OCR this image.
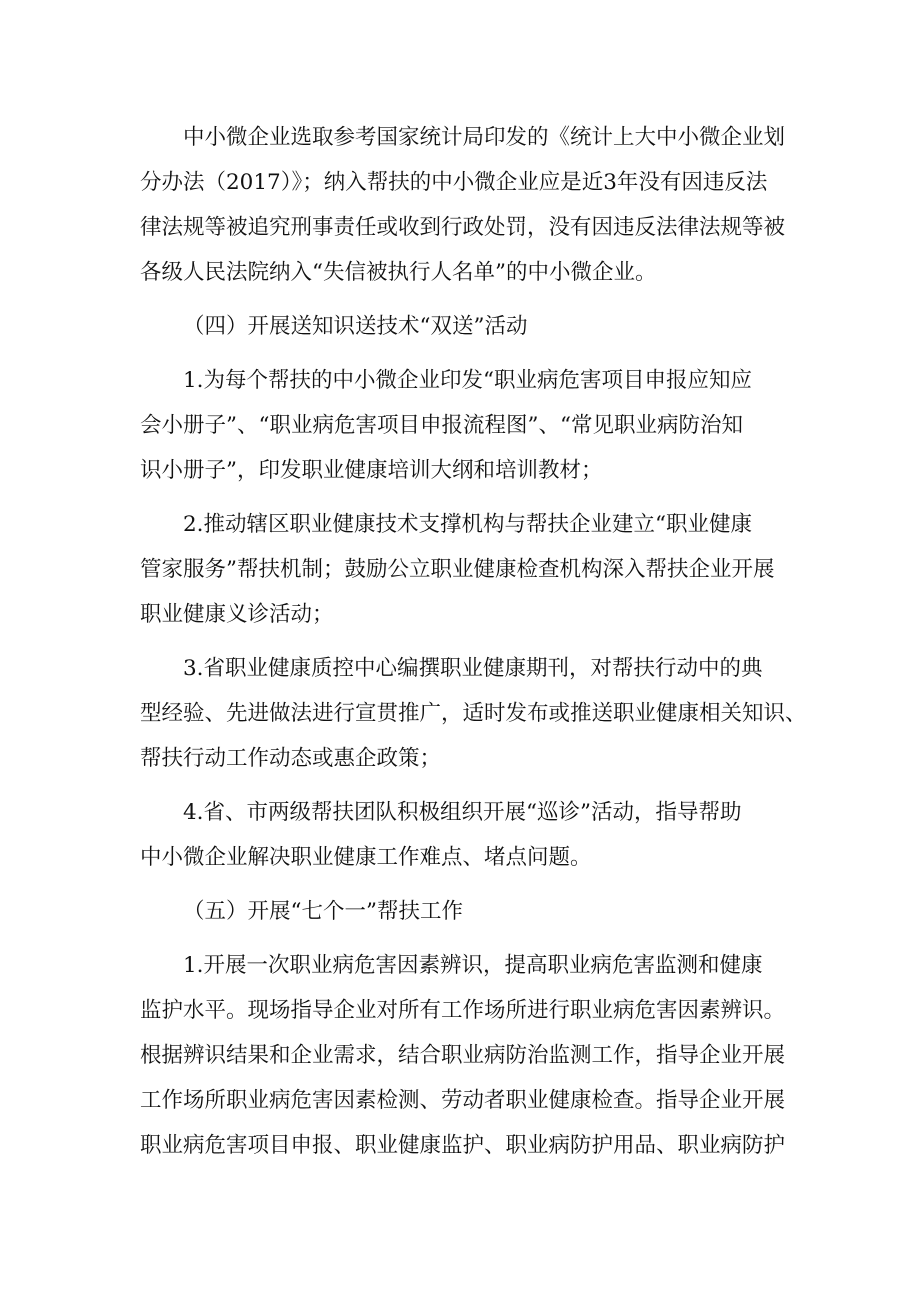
中小微企业选取参考国家统计局印发的《统计上大中小微企业划
分办法（2017）》；纳入帮扶的中小微企业应是近3年没有因违反法
律法规等被追究刑事责任或收到行政处罚，没有因违反法律法规等被
各级人民法院纳入“失信被执行人名单”的中小微企业。
（四）开展送知识送技术“双送”活动
1.为每个帮扶的中小微企业印发“职业病危害项目申报应知应
会小册子”、“职业病危害项目申报流程图”、“常见职业病防治知
识小册子”，印发职业健康培训大纲和培训教材；
2.推动辖区职业健康技术支撑机构与帮扶企业建立“职业健康
管家服务”帮扶机制；鼓励公立职业健康检查机构深入帮扶企业开展
职业健康义诊活动；
3.省职业健康质控中心编撰职业健康期刊，对帮扶行动中的典
型经验、先进做法进行宣贯推广，适时发布或推送职业健康相关知识、
帮扶行动工作动态或惠企政策；
4.省、市两级帮扶团队积极组织开展“巡诊”活动，指导帮助
中小微企业解决职业健康工作难点、堵点问题。
（五）开展“七个一”帮扶工作
1.开展一次职业病危害因素辨识，提高职业病危害监测和健康
监护水平。现场指导企业对所有工作场所进行职业病危害因素辨识。
根据辨识结果和企业需求，结合职业病防治监测工作，指导企业开展
工作场所职业病危害因素检测、劳动者职业健康检查。指导企业开展
职业病危害项目申报、职业健康监护、职业病防护用品、职业病防护
